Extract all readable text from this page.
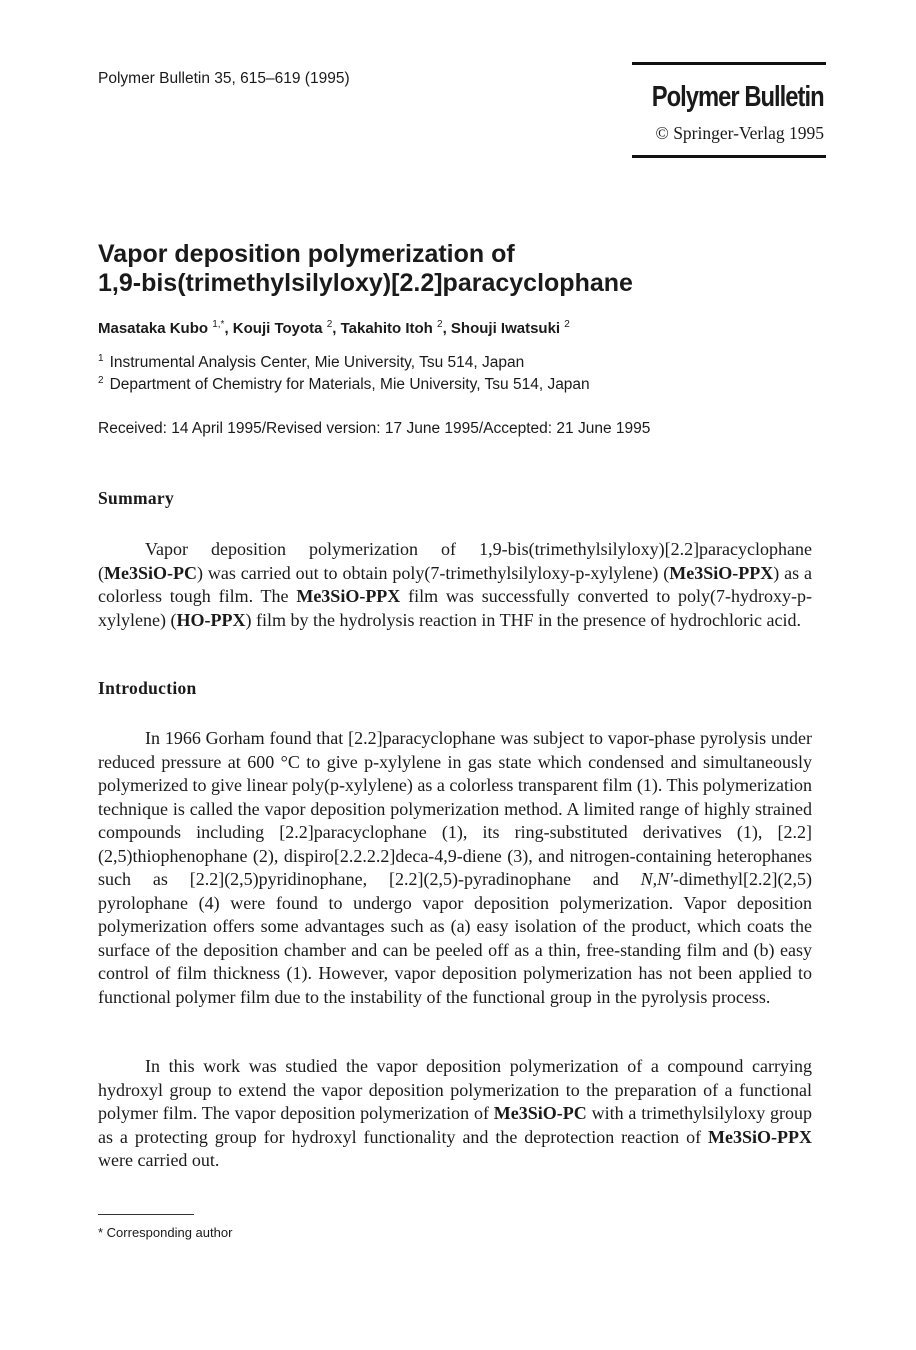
Polymer Bulletin 35, 615–619 (1995)
Polymer Bulletin
© Springer-Verlag 1995
Vapor deposition polymerization of
1,9-bis(trimethylsilyloxy)[2.2]paracyclophane
Masataka Kubo $^{1,*}$, Kouji Toyota $^2$, Takahito Itoh $^2$, Shouji Iwatsuki $^2$
$^1$ Instrumental Analysis Center, Mie University, Tsu 514, Japan
$^2$ Department of Chemistry for Materials, Mie University, Tsu 514, Japan
Received: 14 April 1995/Revised version: 17 June 1995/Accepted: 21 June 1995
Summary

Vapor deposition polymerization of 1,9-bis(trimethylsilyloxy)[2.2]paracyclophane (Me3SiO-PC) was carried out to obtain poly(7-trimethylsilyloxy-p-xylylene) (Me3SiO-PPX) as a colorless tough film. The Me3SiO-PPX film was successfully converted to poly(7-hydroxy-p-xylylene) (HO-PPX) film by the hydrolysis reaction in THF in the presence of hydrochloric acid.

Introduction

In 1966 Gorham found that [2.2]paracyclophane was subject to vapor-phase pyrolysis under reduced pressure at 600 °C to give p-xylylene in gas state which condensed and simultaneously polymerized to give linear poly(p-xylylene) as a colorless transparent film (1). This polymerization technique is called the vapor deposition polymerization method. A limited range of highly strained compounds including [2.2]paracyclophane (1), its ring-substituted derivatives (1), [2.2](2,5)thiophenophane (2), dispiro[2.2.2.2]deca-4,9-diene (3), and nitrogen-containing heterophanes such as [2.2](2,5)pyridinophane, [2.2](2,5)-pyradinophane and N,N'-dimethyl[2.2](2,5) pyrolophane (4) were found to undergo vapor deposition polymerization. Vapor deposition polymerization offers some advantages such as (a) easy isolation of the product, which coats the surface of the deposition chamber and can be peeled off as a thin, free-standing film and (b) easy control of film thickness (1). However, vapor deposition polymerization has not been applied to functional polymer film due to the instability of the functional group in the pyrolysis process.

In this work was studied the vapor deposition polymerization of a compound carrying hydroxyl group to extend the vapor deposition polymerization to the preparation of a functional polymer film. The vapor deposition polymerization of Me3SiO-PC with a trimethylsilyloxy group as a protecting group for hydroxyl functionality and the deprotection reaction of Me3SiO-PPX were carried out.

* Corresponding author
